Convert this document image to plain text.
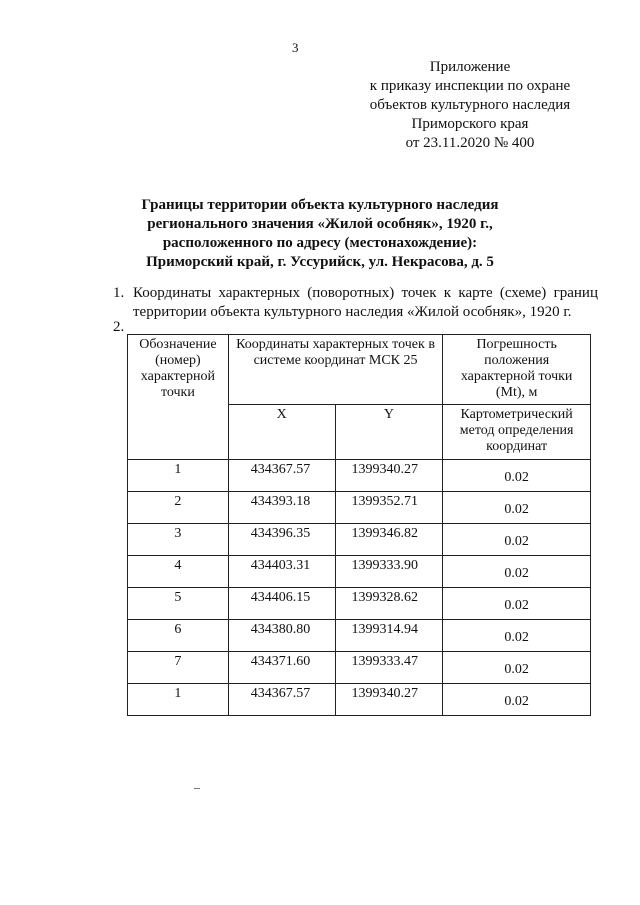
3
Приложение
к приказу инспекции по охране
объектов культурного наследия
Приморского края
от 23.11.2020 № 400
Границы территории объекта культурного наследия
регионального значения «Жилой особняк», 1920 г.,
расположенного по адресу (местонахождение):
Приморский край, г. Уссурийск, ул. Некрасова, д. 5
1. Координаты характерных (поворотных) точек к карте (схеме) границ территории объекта культурного наследия «Жилой особняк», 1920 г.
2.
Обозначение (номер) характерной точки	Координаты характерных точек в системе координат МСК 25		Погрешность положения характерной точки (Mt), м
	X	Y	Картометрический метод определения координат
1	434367.57	1399340.27	0.02
2	434393.18	1399352.71	0.02
3	434396.35	1399346.82	0.02
4	434403.31	1399333.90	0.02
5	434406.15	1399328.62	0.02
6	434380.80	1399314.94	0.02
7	434371.60	1399333.47	0.02
1	434367.57	1399340.27	0.02
